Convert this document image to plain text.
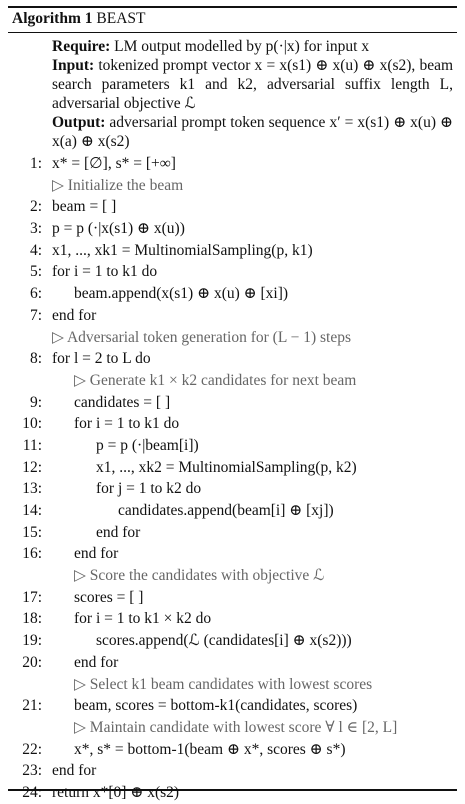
Algorithm 1 BEAST
Require: LM output modelled by p(·|x) for input x
Input: tokenized prompt vector x = x(s1) ⊕ x(u) ⊕ x(s2), beam search parameters k1 and k2, adversarial suffix length L, adversarial objective ℒ
Output: adversarial prompt token sequence x′ = x(s1) ⊕ x(u) ⊕ x(a) ⊕ x(s2)
1: x* = [∅], s* = [+∞]
▷ Initialize the beam
2: beam = [ ]
3: p = p (·|x(s1) ⊕ x(u))
4: x1, ..., xk1 = MultinomialSampling(p, k1)
5: for i = 1 to k1 do
6:	beam.append(x(s1) ⊕ x(u) ⊕ [xi])
7: end for
▷ Adversarial token generation for (L − 1) steps
8: for l = 2 to L do
▷ Generate k1 × k2 candidates for next beam
9:	candidates = [ ]
10:	for i = 1 to k1 do
11:	p = p (·|beam[i])
12:	x1, ..., xk2 = MultinomialSampling(p, k2)
13:	for j = 1 to k2 do
14:	candidates.append(beam[i] ⊕ [xj])
15:	end for
16:	end for
▷ Score the candidates with objective ℒ
17:	scores = [ ]
18:	for i = 1 to k1 × k2 do
19:	scores.append(ℒ (candidates[i] ⊕ x(s2)))
20:	end for
▷ Select k1 beam candidates with lowest scores
21:	beam, scores = bottom-k1(candidates, scores)
▷ Maintain candidate with lowest score ∀ l ∈ [2, L]
22:	x*, s* = bottom-1(beam ⊕ x*, scores ⊕ s*)
23: end for
24: return x*[0] ⊕ x(s2)
